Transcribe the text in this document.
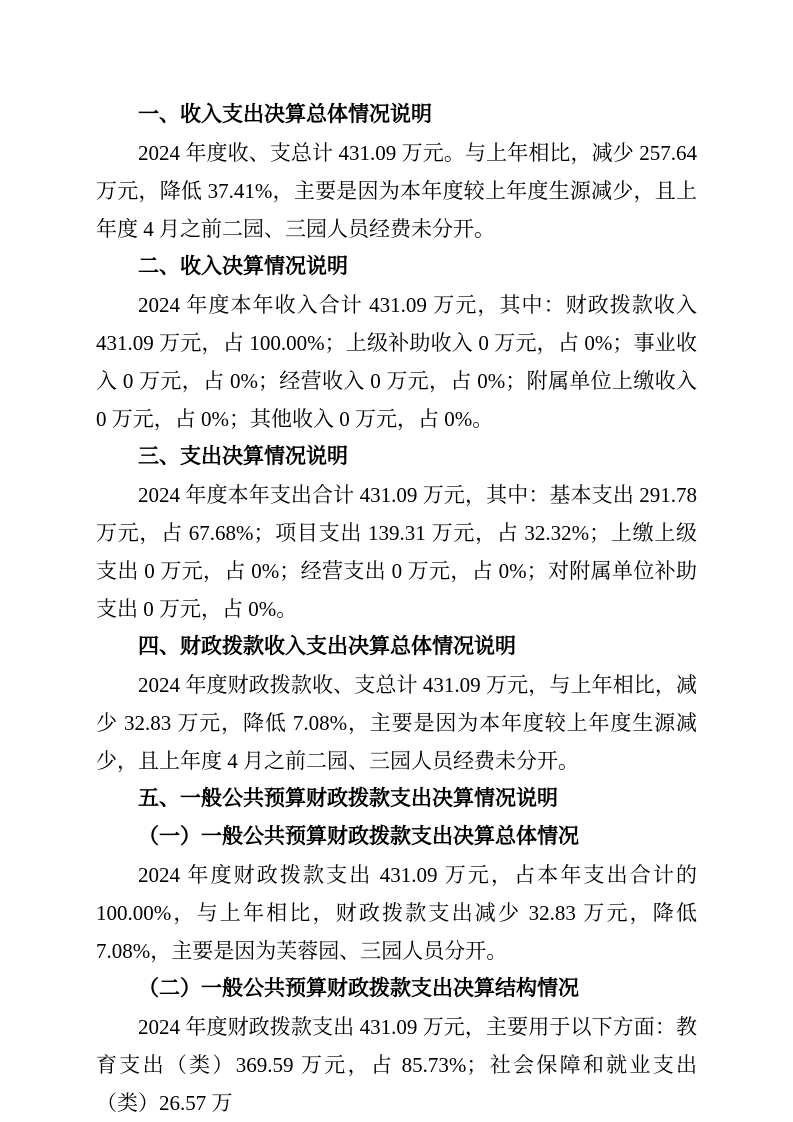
一、收入支出决算总体情况说明

2024 年度收、支总计 431.09 万元。与上年相比，减少 257.64 万元，降低 37.41%，主要是因为本年度较上年度生源减少，且上年度 4 月之前二园、三园人员经费未分开。

二、收入决算情况说明

2024 年度本年收入合计 431.09 万元，其中：财政拨款收入 431.09 万元，占 100.00%；上级补助收入 0 万元，占 0%；事业收入 0 万元，占 0%；经营收入 0 万元，占 0%；附属单位上缴收入 0 万元，占 0%；其他收入 0 万元，占 0%。

三、支出决算情况说明

2024 年度本年支出合计 431.09 万元，其中：基本支出 291.78 万元，占 67.68%；项目支出 139.31 万元，占 32.32%；上缴上级支出 0 万元，占 0%；经营支出 0 万元，占 0%；对附属单位补助支出 0 万元，占 0%。

四、财政拨款收入支出决算总体情况说明

2024 年度财政拨款收、支总计 431.09 万元，与上年相比，减少 32.83 万元，降低 7.08%，主要是因为本年度较上年度生源减少，且上年度 4 月之前二园、三园人员经费未分开。

五、一般公共预算财政拨款支出决算情况说明

（一）一般公共预算财政拨款支出决算总体情况

2024 年度财政拨款支出 431.09 万元，占本年支出合计的 100.00%，与上年相比，财政拨款支出减少 32.83 万元，降低 7.08%，主要是因为芙蓉园、三园人员分开。

（二）一般公共预算财政拨款支出决算结构情况

2024 年度财政拨款支出 431.09 万元，主要用于以下方面：教育支出（类）369.59 万元，占 85.73%；社会保障和就业支出（类）26.57 万
